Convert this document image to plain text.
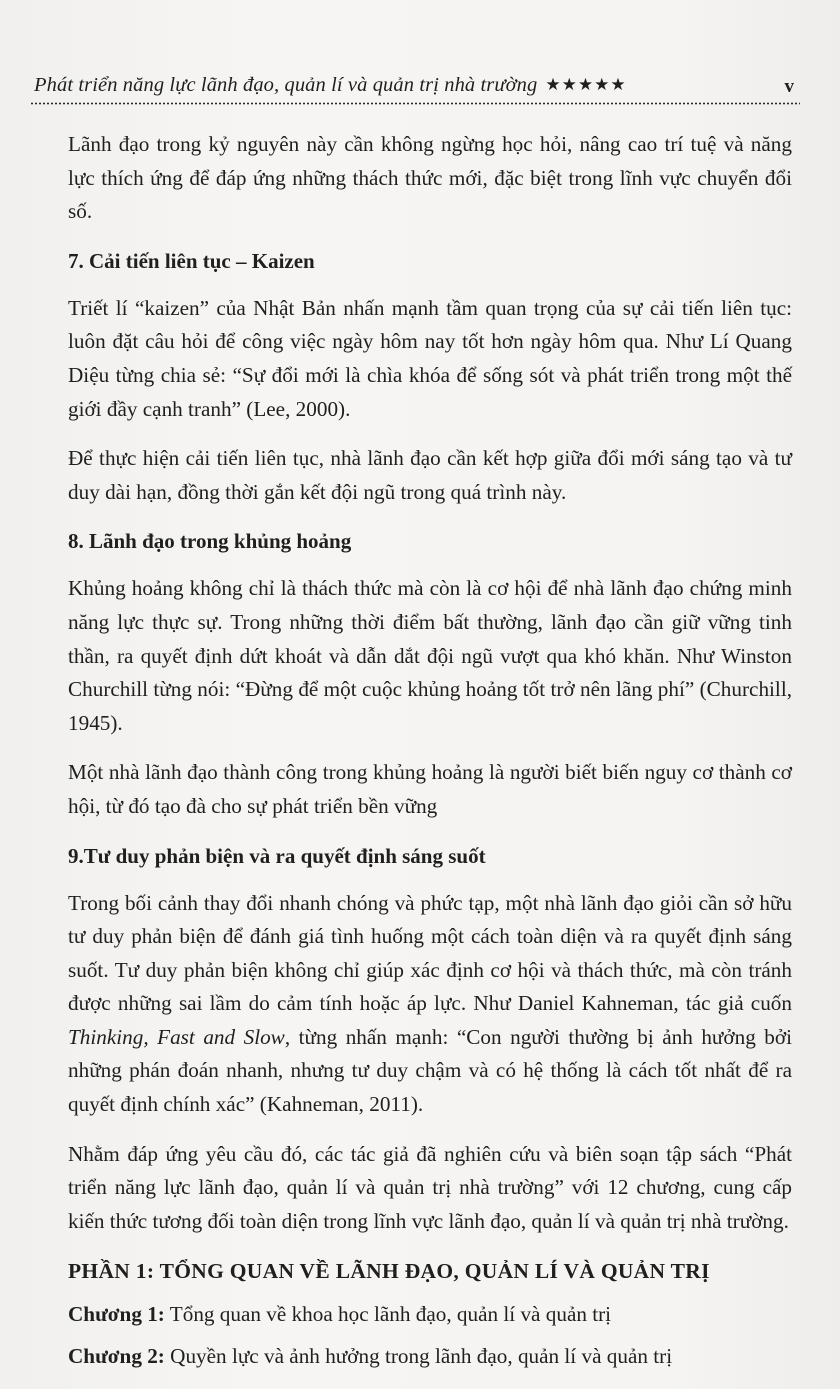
⠀⠀⠀⠀⠀⠀⠀⠀⠀⠀⠀⠀
Phát triển năng lực lãnh đạo, quản lí và quản trị nhà trường ★★★★★	v

Lãnh đạo trong kỷ nguyên này cần không ngừng học hỏi, nâng cao trí tuệ và năng lực thích ứng để đáp ứng những thách thức mới, đặc biệt trong lĩnh vực chuyển đổi số.

7. Cải tiến liên tục – Kaizen

Triết lí “kaizen” của Nhật Bản nhấn mạnh tầm quan trọng của sự cải tiến liên tục: luôn đặt câu hỏi để công việc ngày hôm nay tốt hơn ngày hôm qua. Như Lí Quang Diệu từng chia sẻ: “Sự đổi mới là chìa khóa để sống sót và phát triển trong một thế giới đầy cạnh tranh” (Lee, 2000).

Để thực hiện cải tiến liên tục, nhà lãnh đạo cần kết hợp giữa đổi mới sáng tạo và tư duy dài hạn, đồng thời gắn kết đội ngũ trong quá trình này.

8. Lãnh đạo trong khủng hoảng

Khủng hoảng không chỉ là thách thức mà còn là cơ hội để nhà lãnh đạo chứng minh năng lực thực sự. Trong những thời điểm bất thường, lãnh đạo cần giữ vững tinh thần, ra quyết định dứt khoát và dẫn dắt đội ngũ vượt qua khó khăn. Như Winston Churchill từng nói: “Đừng để một cuộc khủng hoảng tốt trở nên lãng phí” (Churchill, 1945).

Một nhà lãnh đạo thành công trong khủng hoảng là người biết biến nguy cơ thành cơ hội, từ đó tạo đà cho sự phát triển bền vững

9.Tư duy phản biện và ra quyết định sáng suốt

Trong bối cảnh thay đổi nhanh chóng và phức tạp, một nhà lãnh đạo giỏi cần sở hữu tư duy phản biện để đánh giá tình huống một cách toàn diện và ra quyết định sáng suốt. Tư duy phản biện không chỉ giúp xác định cơ hội và thách thức, mà còn tránh được những sai lầm do cảm tính hoặc áp lực. Như Daniel Kahneman, tác giả cuốn Thinking, Fast and Slow, từng nhấn mạnh: “Con người thường bị ảnh hưởng bởi những phán đoán nhanh, nhưng tư duy chậm và có hệ thống là cách tốt nhất để ra quyết định chính xác” (Kahneman, 2011).

Nhằm đáp ứng yêu cầu đó, các tác giả đã nghiên cứu và biên soạn tập sách “Phát triển năng lực lãnh đạo, quản lí và quản trị nhà trường” với 12 chương, cung cấp kiến thức tương đối toàn diện trong lĩnh vực lãnh đạo, quản lí và quản trị nhà trường.

PHẦN 1: TỔNG QUAN VỀ LÃNH ĐẠO, QUẢN LÍ VÀ QUẢN TRỊ
Chương 1: Tổng quan về khoa học lãnh đạo, quản lí và quản trị
Chương 2: Quyền lực và ảnh hưởng trong lãnh đạo, quản lí và quản trị
